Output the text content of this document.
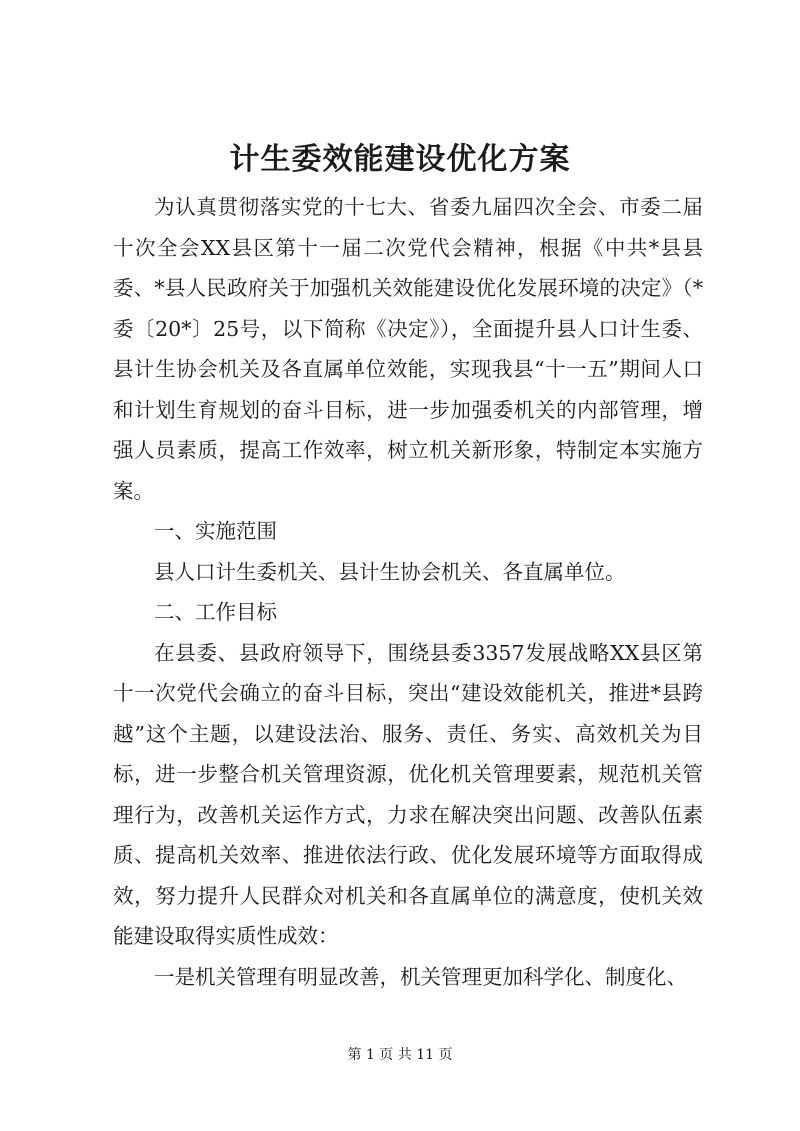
计生委效能建设优化方案

为认真贯彻落实党的十七大、省委九届四次全会、市委二届十次全会XX县区第十一届二次党代会精神，根据《中共*县县委、*县人民政府关于加强机关效能建设优化发展环境的决定》（*委〔20*〕25号，以下简称《决定》），全面提升县人口计生委、县计生协会机关及各直属单位效能，实现我县“十一五”期间人口和计划生育规划的奋斗目标，进一步加强委机关的内部管理，增强人员素质，提高工作效率，树立机关新形象，特制定本实施方案。

一、实施范围

县人口计生委机关、县计生协会机关、各直属单位。

二、工作目标

在县委、县政府领导下，围绕县委3357发展战略XX县区第十一次党代会确立的奋斗目标，突出“建设效能机关，推进*县跨越”这个主题，以建设法治、服务、责任、务实、高效机关为目标，进一步整合机关管理资源，优化机关管理要素，规范机关管理行为，改善机关运作方式，力求在解决突出问题、改善队伍素质、提高机关效率、推进依法行政、优化发展环境等方面取得成效，努力提升人民群众对机关和各直属单位的满意度，使机关效能建设取得实质性成效：

一是机关管理有明显改善，机关管理更加科学化、制度化、

第 1 页 共 11 页
